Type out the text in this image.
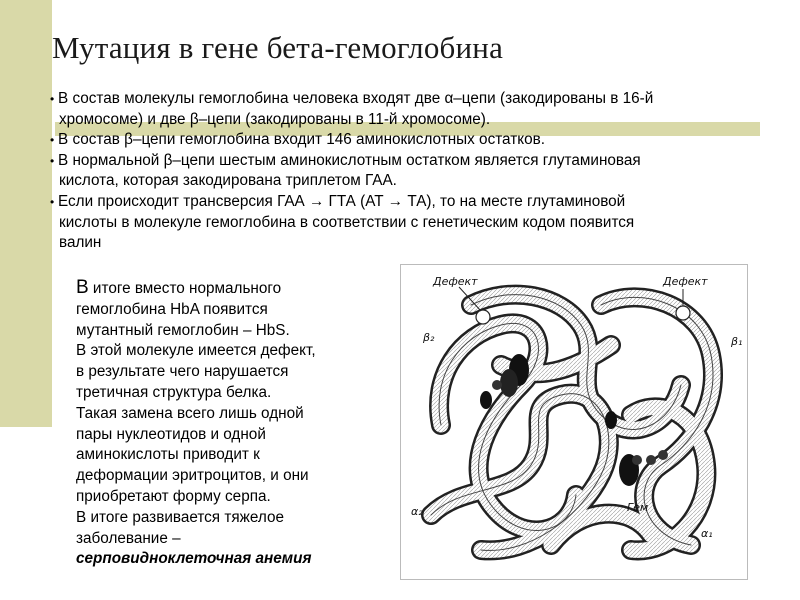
Мутация в гене бета-гемоглобина
• В состав молекулы гемоглобина человека входят две α–цепи (закодированы в 16-й
хромосоме) и две β–цепи (закодированы в 11-й хромосоме).
• В состав β–цепи гемоглобина входит 146 аминокислотных остатков.
• В нормальной β–цепи шестым аминокислотным остатком является глутаминовая
кислота, которая закодирована триплетом ГАА.
• Если происходит трансверсия ГАА → ГТА (АТ → ТА), то на месте глутаминовой
кислоты в молекуле гемоглобина в соответствии с генетическим кодом появится
валин
В итоге вместо нормального
гемоглобина HbA появится
мутантный гемоглобин – HbS.
В этой молекуле имеется дефект,
в результате чего нарушается
третичная структура белка.
Такая замена всего лишь одной
пары нуклеотидов и одной
аминокислоты приводит к
деформации эритроцитов, и они
приобретают форму серпа.
В итоге развивается тяжелое
заболевание –
серповидноклеточная анемия
Дефект	Дефект
β₂	β₁
α₂
α₁
Гем
